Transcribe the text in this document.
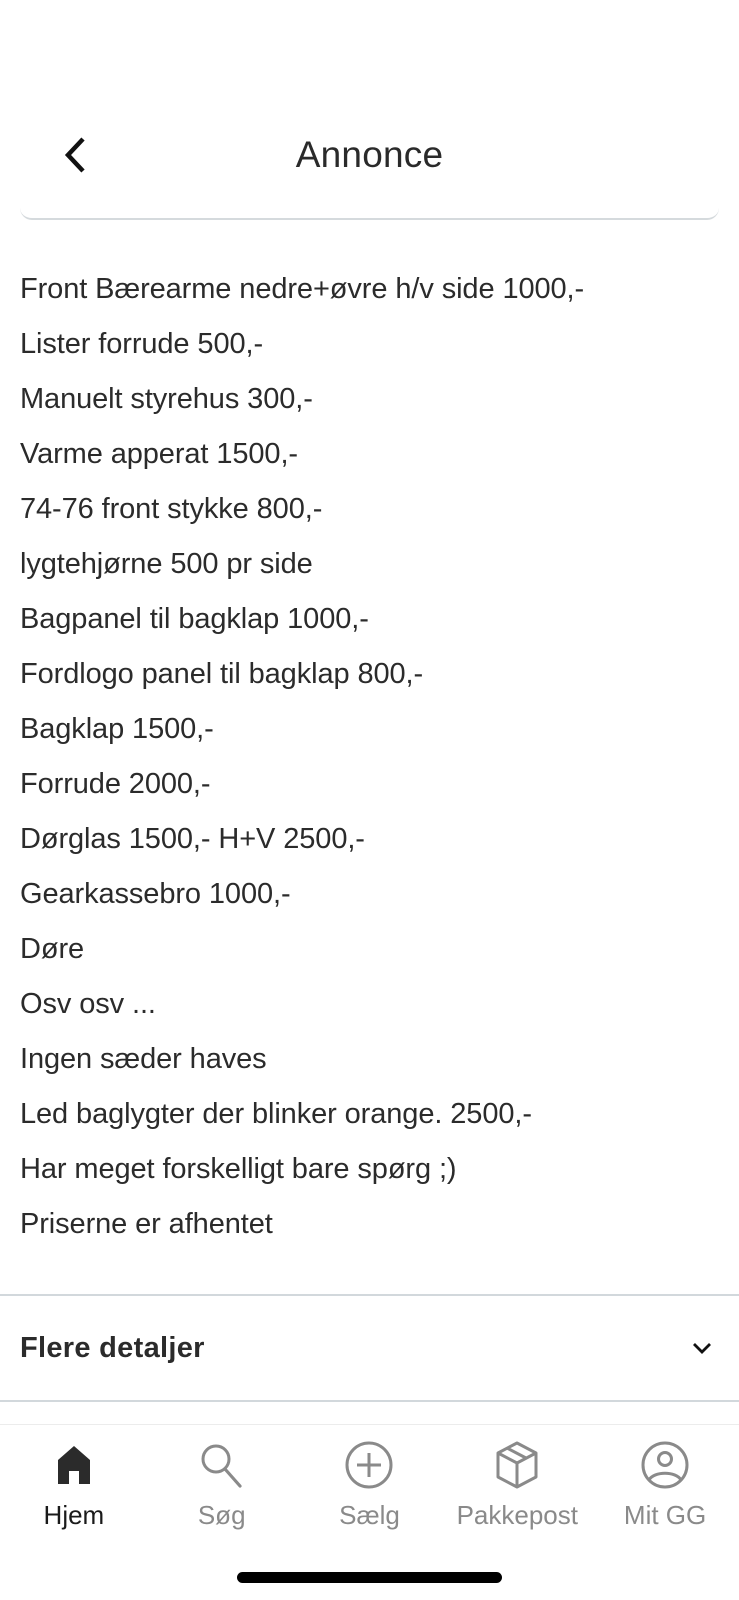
Annonce
Front Bærearme nedre+øvre h/v side 1000,-
Lister forrude 500,-
Manuelt styrehus 300,-
Varme apperat 1500,-
74-76 front stykke 800,-
lygtehjørne 500 pr side
Bagpanel til bagklap 1000,-
Fordlogo panel til bagklap 800,-
Bagklap 1500,-
Forrude 2000,-
Dørglas 1500,- H+V 2500,-
Gearkassebro 1000,-
Døre
Osv osv ...
Ingen sæder haves
Led baglygter der blinker orange. 2500,-
Har meget forskelligt bare spørg ;)
Priserne er afhentet
Flere detaljer
Hjem	Søg	Sælg Pakkepost Mit GG
